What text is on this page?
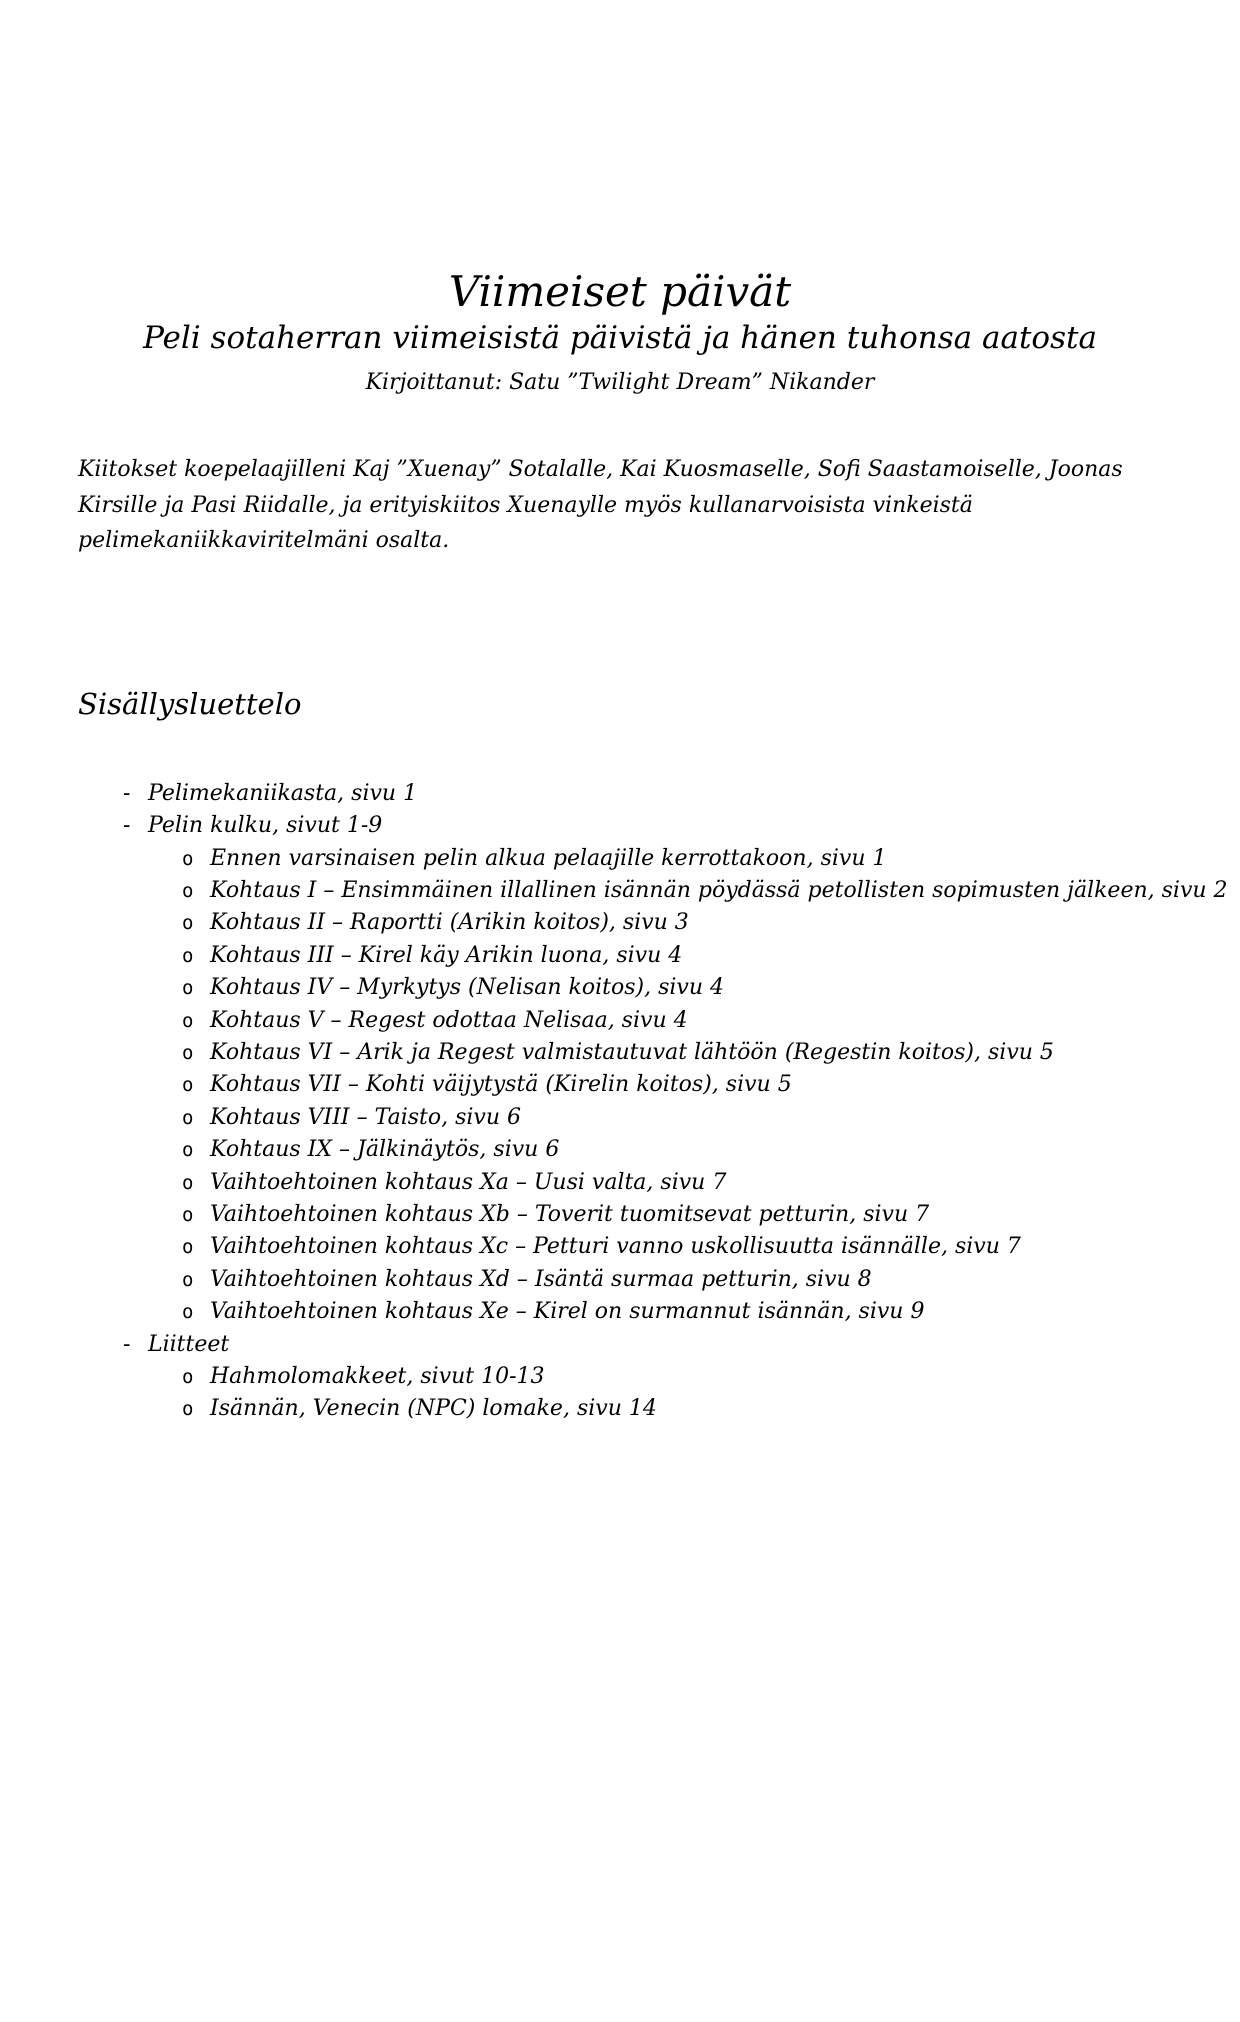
Viimeiset päivät
Peli sotaherran viimeisistä päivistä ja hänen tuhonsa aatosta

Kirjoittanut: Satu ”Twilight Dream” Nikander

Kiitokset koepelaajilleni Kaj ”Xuenay” Sotalalle, Kai Kuosmaselle, Sofi Saastamoiselle, Joonas Kirsille ja Pasi Riidalle, ja erityiskiitos Xuenaylle myös kullanarvoisista vinkeistä pelimekaniikkaviritelmäni osalta.

Sisällysluettelo
- Pelimekaniikasta, sivu 1
- Pelin kulku, sivut 1-9
o Ennen varsinaisen pelin alkua pelaajille kerrottakoon, sivu 1
o Kohtaus I – Ensimmäinen illallinen isännän pöydässä petollisten sopimusten jälkeen, sivu 2
o Kohtaus II – Raportti (Arikin koitos), sivu 3
o Kohtaus III – Kirel käy Arikin luona, sivu 4
o Kohtaus IV – Myrkytys (Nelisan koitos), sivu 4
o Kohtaus V – Regest odottaa Nelisaa, sivu 4
o Kohtaus VI – Arik ja Regest valmistautuvat lähtöön (Regestin koitos), sivu 5
o Kohtaus VII – Kohti väijytystä (Kirelin koitos), sivu 5
o Kohtaus VIII – Taisto, sivu 6
o Kohtaus IX – Jälkinäytös, sivu 6
o Vaihtoehtoinen kohtaus Xa – Uusi valta, sivu 7
o Vaihtoehtoinen kohtaus Xb – Toverit tuomitsevat petturin, sivu 7
o Vaihtoehtoinen kohtaus Xc – Petturi vanno uskollisuutta isännälle, sivu 7
o Vaihtoehtoinen kohtaus Xd – Isäntä surmaa petturin, sivu 8
o Vaihtoehtoinen kohtaus Xe – Kirel on surmannut isännän, sivu 9
- Liitteet
o Hahmolomakkeet, sivut 10-13
o Isännän, Venecin (NPC) lomake, sivu 14
